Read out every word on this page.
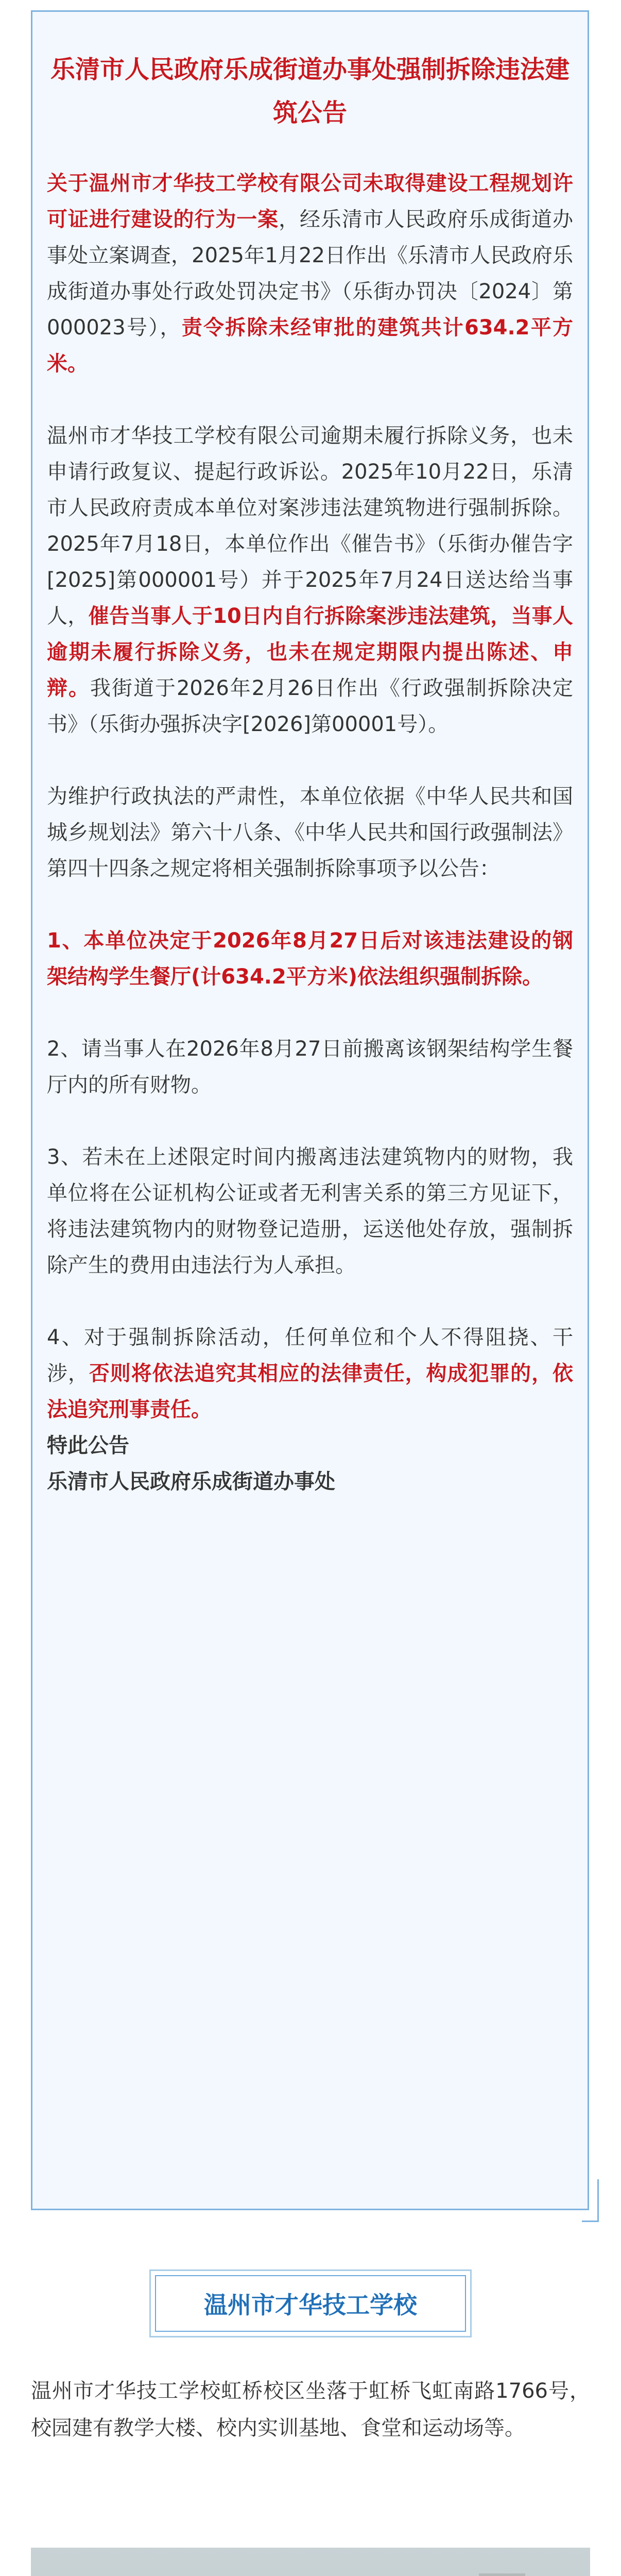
乐清市人民政府乐成街道办事处强制拆除违法建筑公告

关于温州市才华技工学校有限公司未取得建设工程规划许可证进行建设的行为一案，经乐清市人民政府乐成街道办事处立案调查，2025年1月22日作出《乐清市人民政府乐成街道办事处行政处罚决定书》（乐街办罚决〔2024〕第000023号），责令拆除未经审批的建筑共计634.2平方米。

温州市才华技工学校有限公司逾期未履行拆除义务，也未申请行政复议、提起行政诉讼。2025年10月22日，乐清市人民政府责成本单位对案涉违法建筑物进行强制拆除。2025年7月18日，本单位作出《催告书》（乐街办催告字[2025]第000001号）并于2025年7月24日送达给当事人，催告当事人于10日内自行拆除案涉违法建筑，当事人逾期未履行拆除义务，也未在规定期限内提出陈述、申辩。我街道于2026年2月26日作出《行政强制拆除决定书》（乐街办强拆决字[2026]第00001号）。

为维护行政执法的严肃性，本单位依据《中华人民共和国城乡规划法》第六十八条、《中华人民共和国行政强制法》第四十四条之规定将相关强制拆除事项予以公告：

1、本单位决定于2026年8月27日后对该违法建设的钢架结构学生餐厅(计634.2平方米)依法组织强制拆除。

2、请当事人在2026年8月27日前搬离该钢架结构学生餐厅内的所有财物。

3、若未在上述限定时间内搬离违法建筑物内的财物，我单位将在公证机构公证或者无利害关系的第三方见证下，将违法建筑物内的财物登记造册，运送他处存放，强制拆除产生的费用由违法行为人承担。

4、对于强制拆除活动，任何单位和个人不得阻挠、干涉，否则将依法追究其相应的法律责任，构成犯罪的，依法追究刑事责任。

特此公告

乐清市人民政府乐成街道办事处

温州市才华技工学校

温州市才华技工学校虹桥校区坐落于虹桥飞虹南路1766号，校园建有教学大楼、校内实训基地、食堂和运动场等。
